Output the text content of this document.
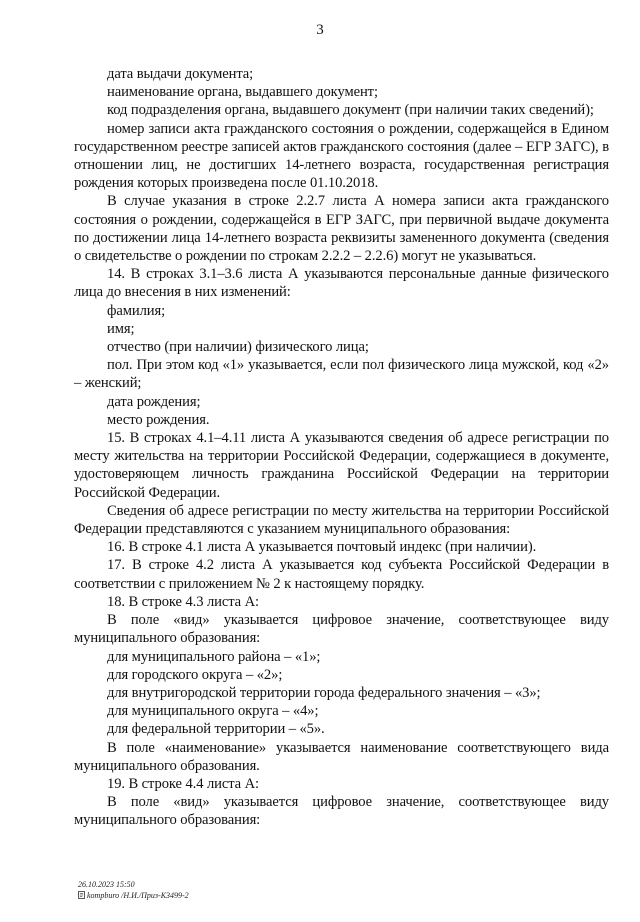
3

дата выдачи документа;

наименование органа, выдавшего документ;

код подразделения органа, выдавшего документ (при наличии таких сведений);

номер записи акта гражданского состояния о рождении, содержащейся в Едином государственном реестре записей актов гражданского состояния (далее – ЕГР ЗАГС), в отношении лиц, не достигших 14-летнего возраста, государственная регистрация рождения которых произведена после 01.10.2018.

В случае указания в строке 2.2.7 листа А номера записи акта гражданского состояния о рождении, содержащейся в ЕГР ЗАГС, при первичной выдаче документа по достижении лица 14-летнего возраста реквизиты замененного документа (сведения о свидетельстве о рождении по строкам 2.2.2 – 2.2.6) могут не указываться.

14. В строках 3.1–3.6 листа А указываются персональные данные физического лица до внесения в них изменений:

фамилия;

имя;

отчество (при наличии) физического лица;

пол. При этом код «1» указывается, если пол физического лица мужской, код «2» – женский;

дата рождения;

место рождения.

15. В строках 4.1–4.11 листа А указываются сведения об адресе регистрации по месту жительства на территории Российской Федерации, содержащиеся в документе, удостоверяющем личность гражданина Российской Федерации на территории Российской Федерации.

Сведения об адресе регистрации по месту жительства на территории Российской Федерации представляются с указанием муниципального образования:

16. В строке 4.1 листа А указывается почтовый индекс (при наличии).

17. В строке 4.2 листа А указывается код субъекта Российской Федерации в соответствии с приложением № 2 к настоящему порядку.

18. В строке 4.3 листа А:

В поле «вид» указывается цифровое значение, соответствующее виду муниципального образования:

для муниципального района – «1»;

для городского округа – «2»;

для внутригородской территории города федерального значения – «3»;

для муниципального округа – «4»;

для федеральной территории – «5».

В поле «наименование» указывается наименование соответствующего вида муниципального образования.

19. В строке 4.4 листа А:

В поле «вид» указывается цифровое значение, соответствующее виду муниципального образования:

26.10.2023 15:50
kompburo /Н.И./Приз-К3499-2
